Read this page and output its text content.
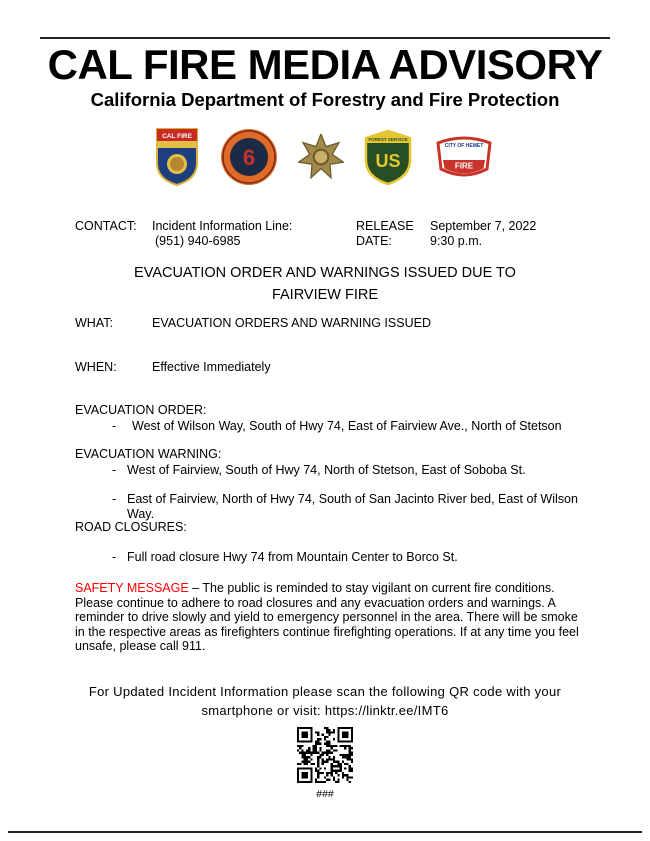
CAL FIRE MEDIA ADVISORY
California Department of Forestry and Fire Protection
CAL FIRE
6
FOREST SERVICE
US
CITY OF HEMET
FIRE
CONTACT: Incident Information Line:
(951) 940-6985
RELEASE
DATE:
September 7, 2022
9:30 p.m.
EVACUATION ORDER AND WARNINGS ISSUED DUE TO FAIRVIEW FIRE
WHAT:	EVACUATION ORDERS AND WARNING ISSUED
WHEN:	Effective Immediately
EVACUATION ORDER:
- West of Wilson Way, South of Hwy 74, East of Fairview Ave., North of Stetson
EVACUATION WARNING:
- West of Fairview, South of Hwy 74, North of Stetson, East of Soboba St.
- East of Fairview, North of Hwy 74, South of San Jacinto River bed, East of Wilson Way.
ROAD CLOSURES:
- Full road closure Hwy 74 from Mountain Center to Borco St.

SAFETY MESSAGE – The public is reminded to stay vigilant on current fire conditions. Please continue to adhere to road closures and any evacuation orders and warnings. A reminder to drive slowly and yield to emergency personnel in the area. There will be smoke in the respective areas as firefighters continue firefighting operations. If at any time you feel unsafe, please call 911.

For Updated Incident Information please scan the following QR code with your smartphone or visit: https://linktr.ee/IMT6

###
